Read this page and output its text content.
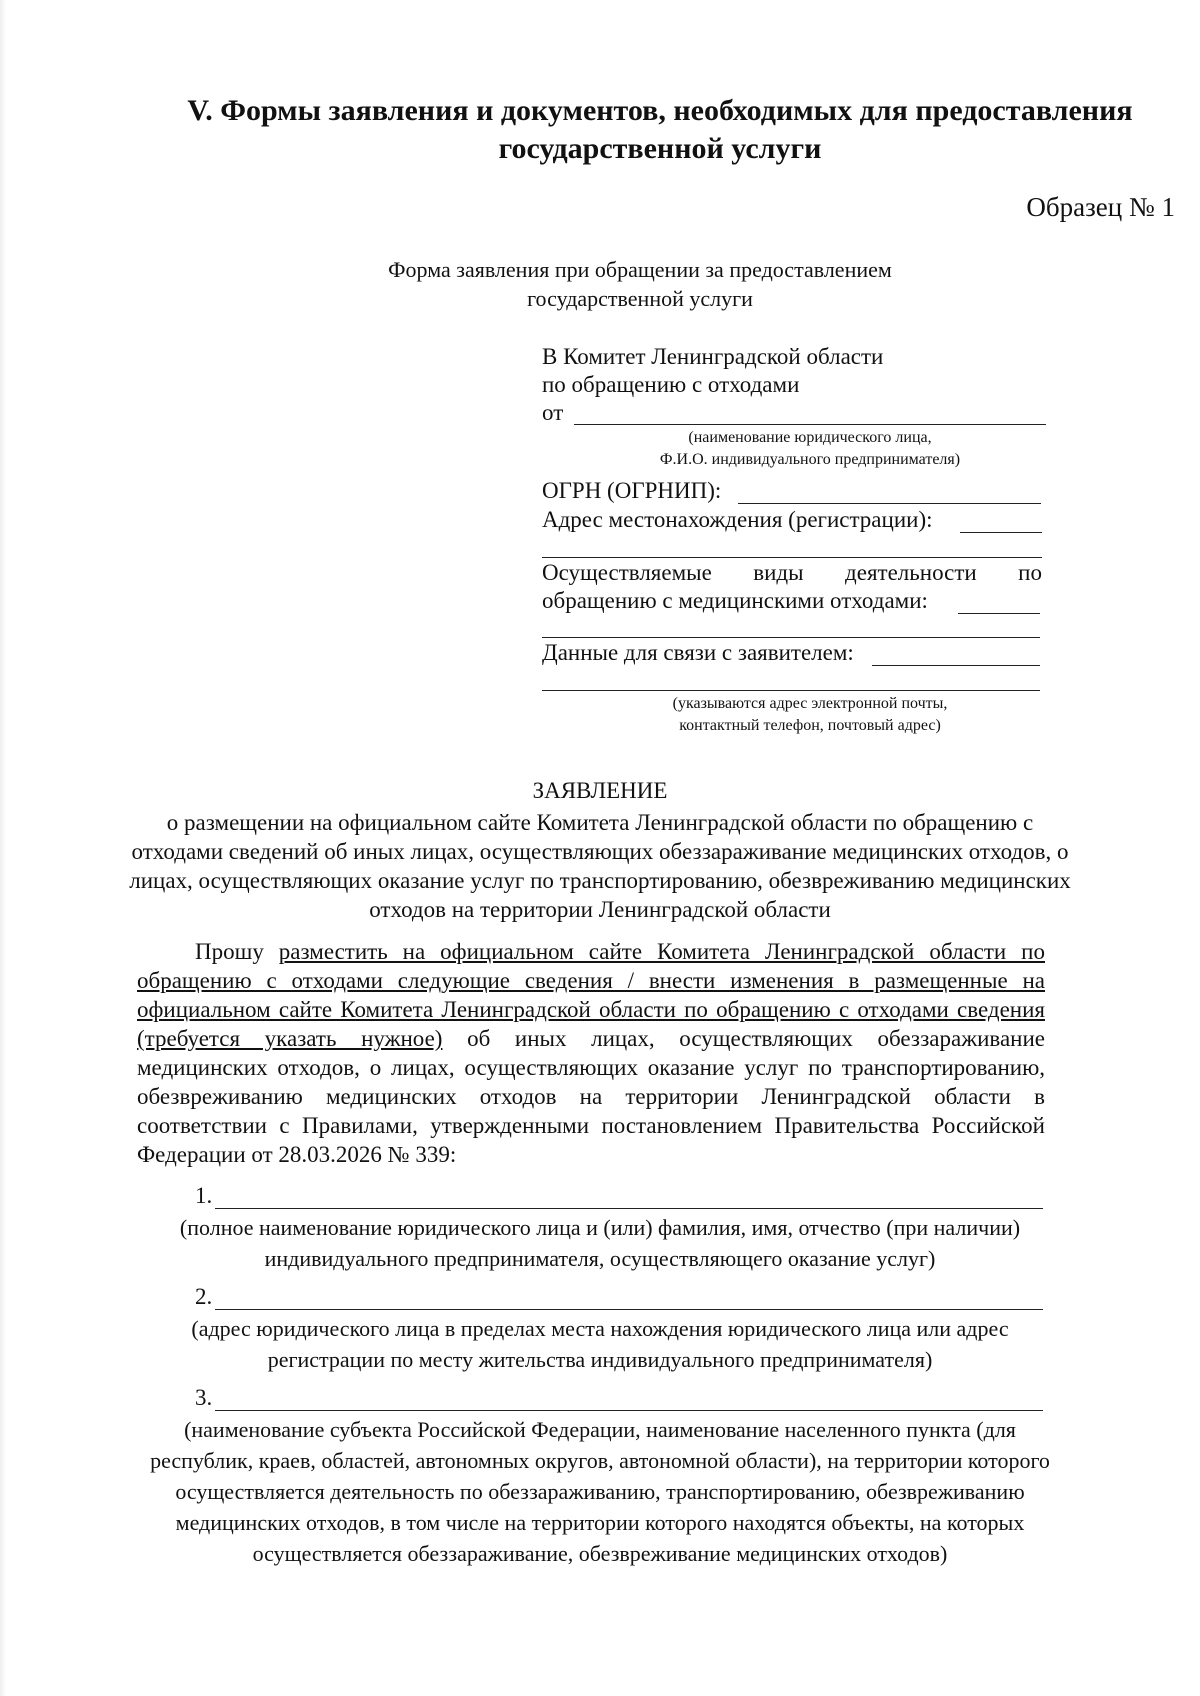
V. Формы заявления и документов, необходимых для предоставления государственной услуги
Образец № 1
Форма заявления при обращении за предоставлением государственной услуги
В Комитет Ленинградской области
по обращению с отходами
от
(наименование юридического лица,
Ф.И.О. индивидуального предпринимателя)
ОГРН (ОГРНИП):
Адрес местонахождения (регистрации):
Осуществляемые виды деятельности по
обращению с медицинскими отходами:
Данные для связи с заявителем:
(указываются адрес электронной почты,
контактный телефон, почтовый адрес)
ЗАЯВЛЕНИЕ
о размещении на официальном сайте Комитета Ленинградской области по обращению с отходами сведений об иных лицах, осуществляющих обеззараживание медицинских отходов, о лицах, осуществляющих оказание услуг по транспортированию, обезвреживанию медицинских отходов на территории Ленинградской области
Прошу разместить на официальном сайте Комитета Ленинградской области по обращению с отходами следующие сведения / внести изменения в размещенные на официальном сайте Комитета Ленинградской области по обращению с отходами сведения (требуется указать нужное) об иных лицах, осуществляющих обеззараживание медицинских отходов, о лицах, осуществляющих оказание услуг по транспортированию, обезвреживанию медицинских отходов на территории Ленинградской области в соответствии с Правилами, утвержденными постановлением Правительства Российской Федерации от 28.03.2026 № 339:
1.
(полное наименование юридического лица и (или) фамилия, имя, отчество (при наличии) индивидуального предпринимателя, осуществляющего оказание услуг)
2.
(адрес юридического лица в пределах места нахождения юридического лица или адрес регистрации по месту жительства индивидуального предпринимателя)
3.
(наименование субъекта Российской Федерации, наименование населенного пункта (для республик, краев, областей, автономных округов, автономной области), на территории которого осуществляется деятельность по обеззараживанию, транспортированию, обезвреживанию медицинских отходов, в том числе на территории которого находятся объекты, на которых осуществляется обеззараживание, обезвреживание медицинских отходов)
